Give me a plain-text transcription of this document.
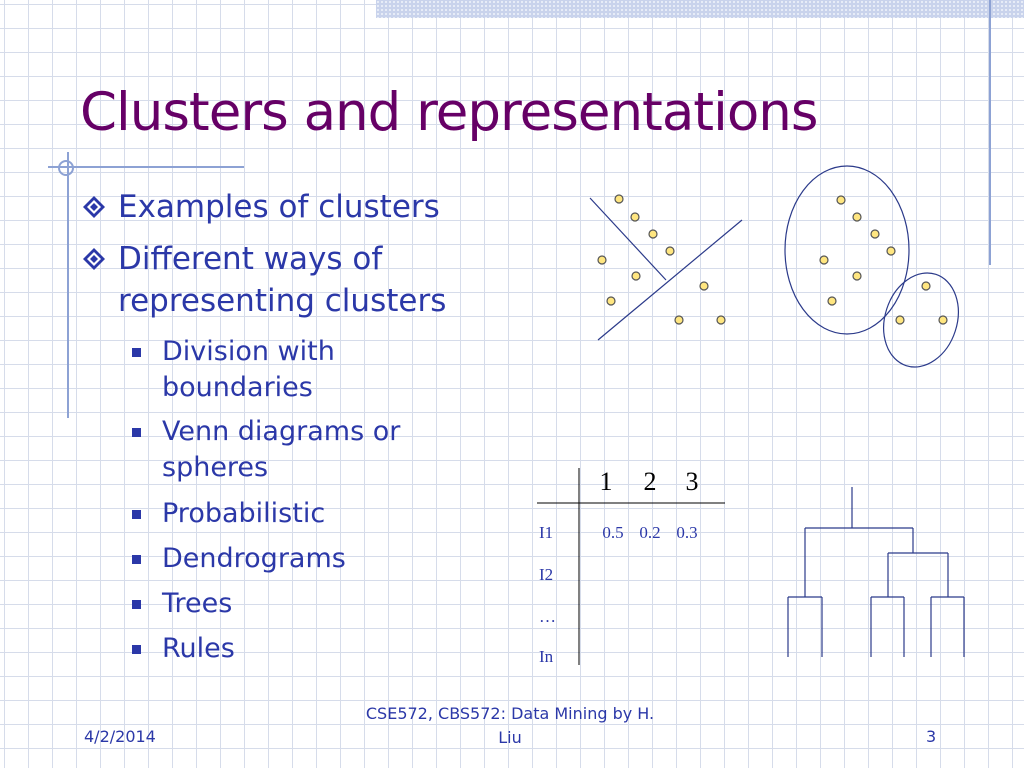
Clusters and representations
Examples of clusters
Different ways of representing clusters
Division with boundaries
Venn diagrams or spheres
Probabilistic
Dendrograms
Trees
Rules
1 2 3
I1
I2
…
In
0.5 0.2 0.3
4/2/2014
CSE572, CBS572: Data Mining by H. Liu	3
